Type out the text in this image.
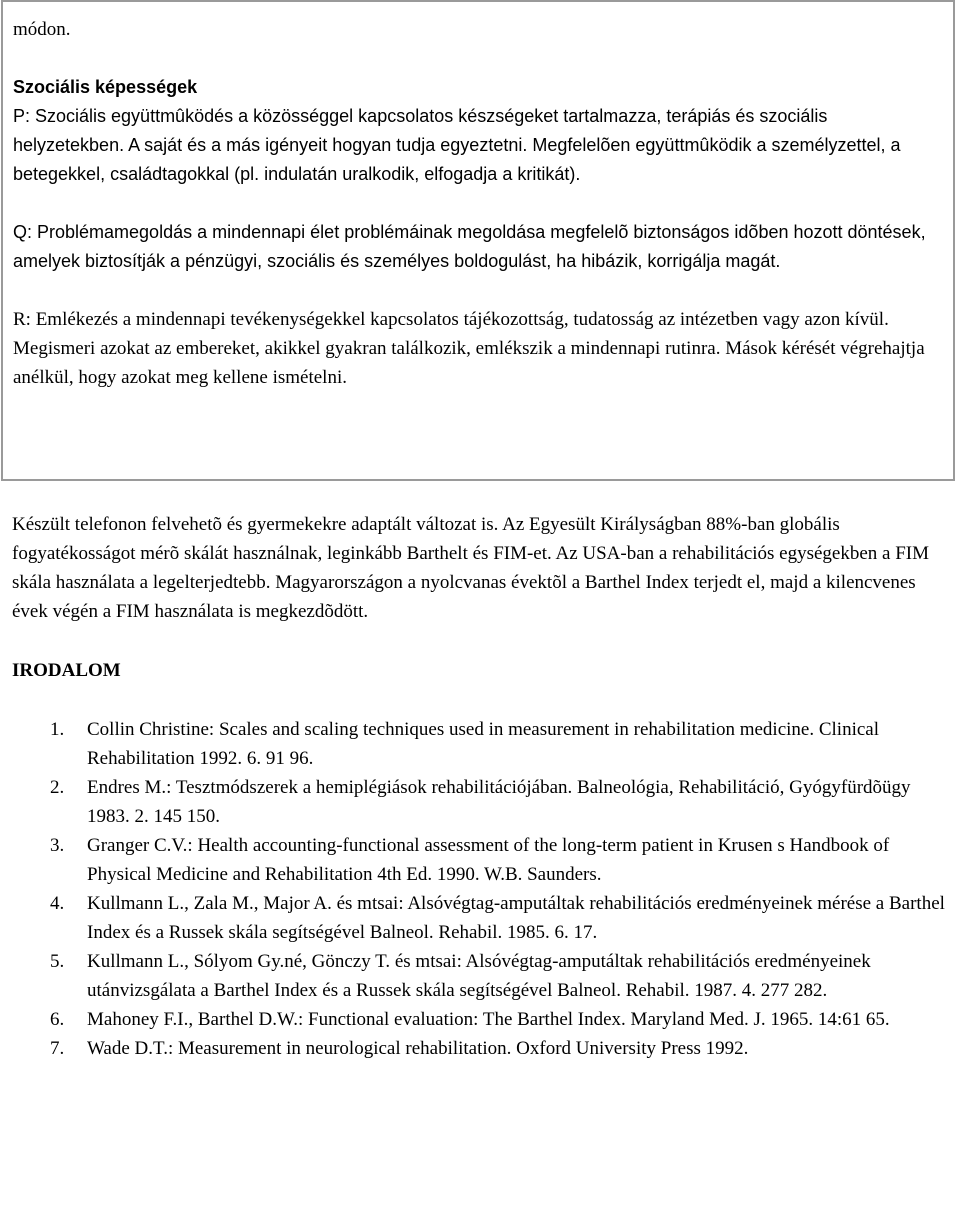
módon.

Szociális képességek

P: Szociális együttmûködés a közösséggel kapcsolatos készségeket tartalmazza, terápiás és szociális helyzetekben. A saját és a más igényeit hogyan tudja egyeztetni. Megfelelõen együttmûködik a személyzettel, a betegekkel, családtagokkal (pl. indulatán uralkodik, elfogadja a kritikát).

Q: Problémamegoldás a mindennapi élet problémáinak megoldása megfelelõ biztonságos idõben hozott döntések, amelyek biztosítják a pénzügyi, szociális és személyes boldogulást, ha hibázik, korrigálja magát.

R: Emlékezés a mindennapi tevékenységekkel kapcsolatos tájékozottság, tudatosság az intézetben vagy azon kívül. Megismeri azokat az embereket, akikkel gyakran találkozik, emlékszik a mindennapi rutinra. Mások kérését végrehajtja anélkül, hogy azokat meg kellene ismételni.

Készült telefonon felvehetõ és gyermekekre adaptált változat is. Az Egyesült Királyságban 88%-ban globális fogyatékosságot mérõ skálát használnak, leginkább Barthelt és FIM-et. Az USA-ban a rehabilitációs egységekben a FIM skála használata a legelterjedtebb. Magyarországon a nyolcvanas évektõl a Barthel Index terjedt el, majd a kilencvenes évek végén a FIM használata is megkezdõdött.

IRODALOM

1. Collin Christine: Scales and scaling techniques used in measurement in rehabilitation medicine. Clinical Rehabilitation 1992. 6. 91 96.
2. Endres M.: Tesztmódszerek a hemiplégiások rehabilitációjában. Balneológia, Rehabilitáció, Gyógyfürdõügy 1983. 2. 145 150.
3. Granger C.V.: Health accounting-functional assessment of the long-term patient in Krusen s Handbook of Physical Medicine and Rehabilitation 4th Ed. 1990. W.B. Saunders.
4. Kullmann L., Zala M., Major A. és mtsai: Alsóvégtag-amputáltak rehabilitációs eredményeinek mérése a Barthel Index és a Russek skála segítségével Balneol. Rehabil. 1985. 6. 17.
5. Kullmann L., Sólyom Gy.né, Gönczy T. és mtsai: Alsóvégtag-amputáltak rehabilitációs eredményeinek utánvizsgálata a Barthel Index és a Russek skála segítségével Balneol. Rehabil. 1987. 4. 277 282.
6. Mahoney F.I., Barthel D.W.: Functional evaluation: The Barthel Index. Maryland Med. J. 1965. 14:61 65.
7. Wade D.T.: Measurement in neurological rehabilitation. Oxford University Press 1992.
